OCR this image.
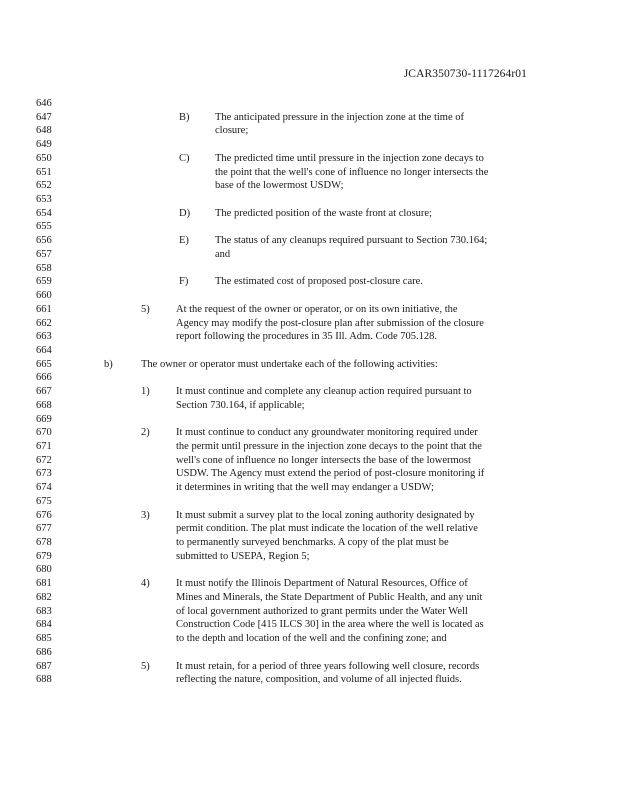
JCAR350730-1117264r01
646
647	B) The anticipated pressure in the injection zone at the time of
648	closure;
649
650	C) The predicted time until pressure in the injection zone decays to
651	the point that the well's cone of influence no longer intersects the
652	base of the lowermost USDW;
653
654	D) The predicted position of the waste front at closure;
655
656	E) The status of any cleanups required pursuant to Section 730.164;
657	and
658
659	F)	The estimated cost of proposed post-closure care.
660
661	5)	At the request of the owner or operator, or on its own initiative, the
662	Agency may modify the post-closure plan after submission of the closure
663	report following the procedures in 35 Ill. Adm. Code 705.128.
664
665	b)	The owner or operator must undertake each of the following activities:
666
667	1)	It must continue and complete any cleanup action required pursuant to
668	Section 730.164, if applicable;
669
670	2)	It must continue to conduct any groundwater monitoring required under
671	the permit until pressure in the injection zone decays to the point that the
672	well's cone of influence no longer intersects the base of the lowermost
673	USDW. The Agency must extend the period of post-closure monitoring if
674	it determines in writing that the well may endanger a USDW;
675
676	3)	It must submit a survey plat to the local zoning authority designated by
677	permit condition. The plat must indicate the location of the well relative
678	to permanently surveyed benchmarks. A copy of the plat must be
679	submitted to USEPA, Region 5;
680
681	4)	It must notify the Illinois Department of Natural Resources, Office of
682	Mines and Minerals, the State Department of Public Health, and any unit
683	of local government authorized to grant permits under the Water Well
684	Construction Code [415 ILCS 30] in the area where the well is located as
685	to the depth and location of the well and the confining zone; and
686
687	5)	It must retain, for a period of three years following well closure, records
688	reflecting the nature, composition, and volume of all injected fluids.
